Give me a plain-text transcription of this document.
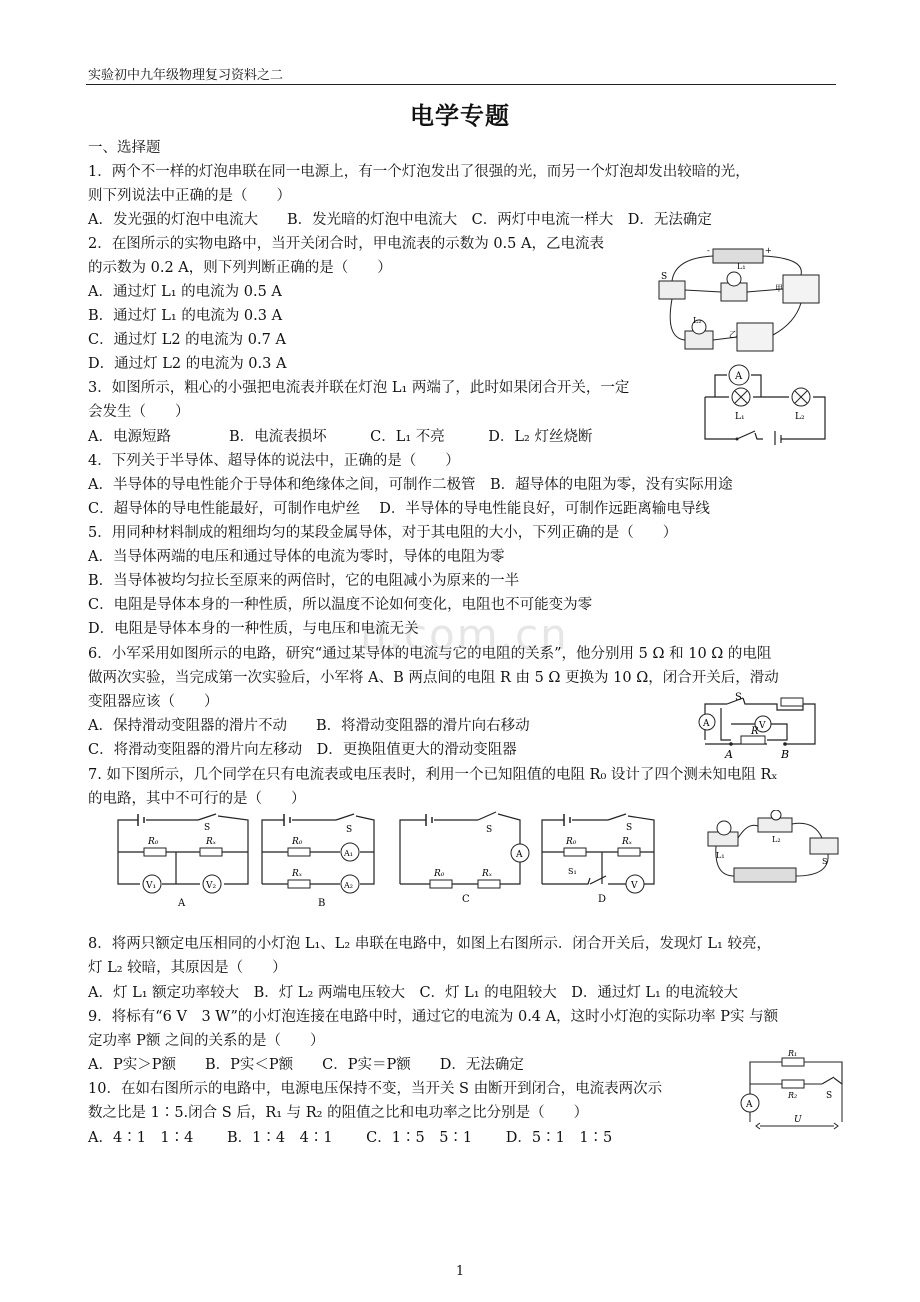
实验初中九年级物理复习资料之二
电学专题
n.com.cn
一、选择题
1．两个不一样的灯泡串联在同一电源上，有一个灯泡发出了很强的光，而另一个灯泡却发出较暗的光，
则下列说法中正确的是（　　）
A．发光强的灯泡中电流大　　B．发光暗的灯泡中电流大　C．两灯中电流一样大　D．无法确定
2．在图所示的实物电路中，当开关闭合时，甲电流表的示数为 0.5 A，乙电流表
的示数为 0.2 A，则下列判断正确的是（　　）
A．通过灯 L₁ 的电流为 0.5 A
B．通过灯 L₁ 的电流为 0.3 A
C．通过灯 L2 的电流为 0.7 A
D．通过灯 L2 的电流为 0.3 A
3．如图所示，粗心的小强把电流表并联在灯泡 L₁ 两端了，此时如果闭合开关，一定
会发生（　　）
A．电源短路　　　　B．电流表损坏　　　C．L₁ 不亮　　　D．L₂ 灯丝烧断
4．下列关于半导体、超导体的说法中，正确的是（　　）
A．半导体的导电性能介于导体和绝缘体之间，可制作二极管　B．超导体的电阻为零，没有实际用途
C．超导体的导电性能最好，可制作电炉丝　 D．半导体的导电性能良好，可制作远距离输电导线
5．用同种材料制成的粗细均匀的某段金属导体，对于其电阻的大小，下列正确的是（　　）
A．当导体两端的电压和通过导体的电流为零时，导体的电阻为零
B．当导体被均匀拉长至原来的两倍时，它的电阻减小为原来的一半
C．电阻是导体本身的一种性质，所以温度不论如何变化，电阻也不可能变为零
D．电阻是导体本身的一种性质，与电压和电流无关
6．小军采用如图所示的电路，研究“通过某导体的电流与它的电阻的关系”，他分别用 5 Ω 和 10 Ω 的电阻
做两次实验，当完成第一次实验后，小军将 A、B 两点间的电阻 R 由 5 Ω 更换为 10 Ω，闭合开关后，滑动
变阻器应该（　　）
A．保持滑动变阻器的滑片不动　　B．将滑动变阻器的滑片向右移动
C．将滑动变阻器的滑片向左移动　D．更换阻值更大的滑动变阻器
7. 如下图所示，几个同学在只有电流表或电压表时，利用一个已知阻值的电阻 R₀ 设计了四个测未知电阻 Rₓ
的电路，其中不可行的是（　　）
8．将两只额定电压相同的小灯泡 L₁、L₂ 串联在电路中，如图上右图所示．闭合开关后，发现灯 L₁ 较亮，
灯 L₂ 较暗，其原因是（　　）
A．灯 L₁ 额定功率较大　B．灯 L₂ 两端电压较大　C．灯 L₁ 的电阻较大　D．通过灯 L₁ 的电流较大
9．将标有“6 V　3 W”的小灯泡连接在电路中时，通过它的电流为 0.4 A，这时小灯泡的实际功率 P实 与额
定功率 P额 之间的关系的是（　　）
A．P实＞P额　　B．P实＜P额　　C．P实＝P额　　D．无法确定
10．在如右图所示的电路中，电源电压保持不变，当开关 S 由断开到闭合，电流表两次示
数之比是 1∶5.闭合 S 后，R₁ 与 R₂ 的阻值之比和电功率之比分别是（　　）
A．4∶1　1∶4　　 B．1∶4　4∶1　　 C．1∶5　5∶1　　 D．5∶1　1∶5
S
L₁
L₂
甲
乙
+
-
A
L₁	L₂
S
A	V
R
A	B
R₀	Rₓ
S
V₁	V₂
A
R₀
Rₓ
S
A₁
A₂
B
R₀	Rₓ
S
A
C
R₀	Rₓ
S
S₁
V
D
L₁
L₂
S
R₁
R₂	S
A
U
1
